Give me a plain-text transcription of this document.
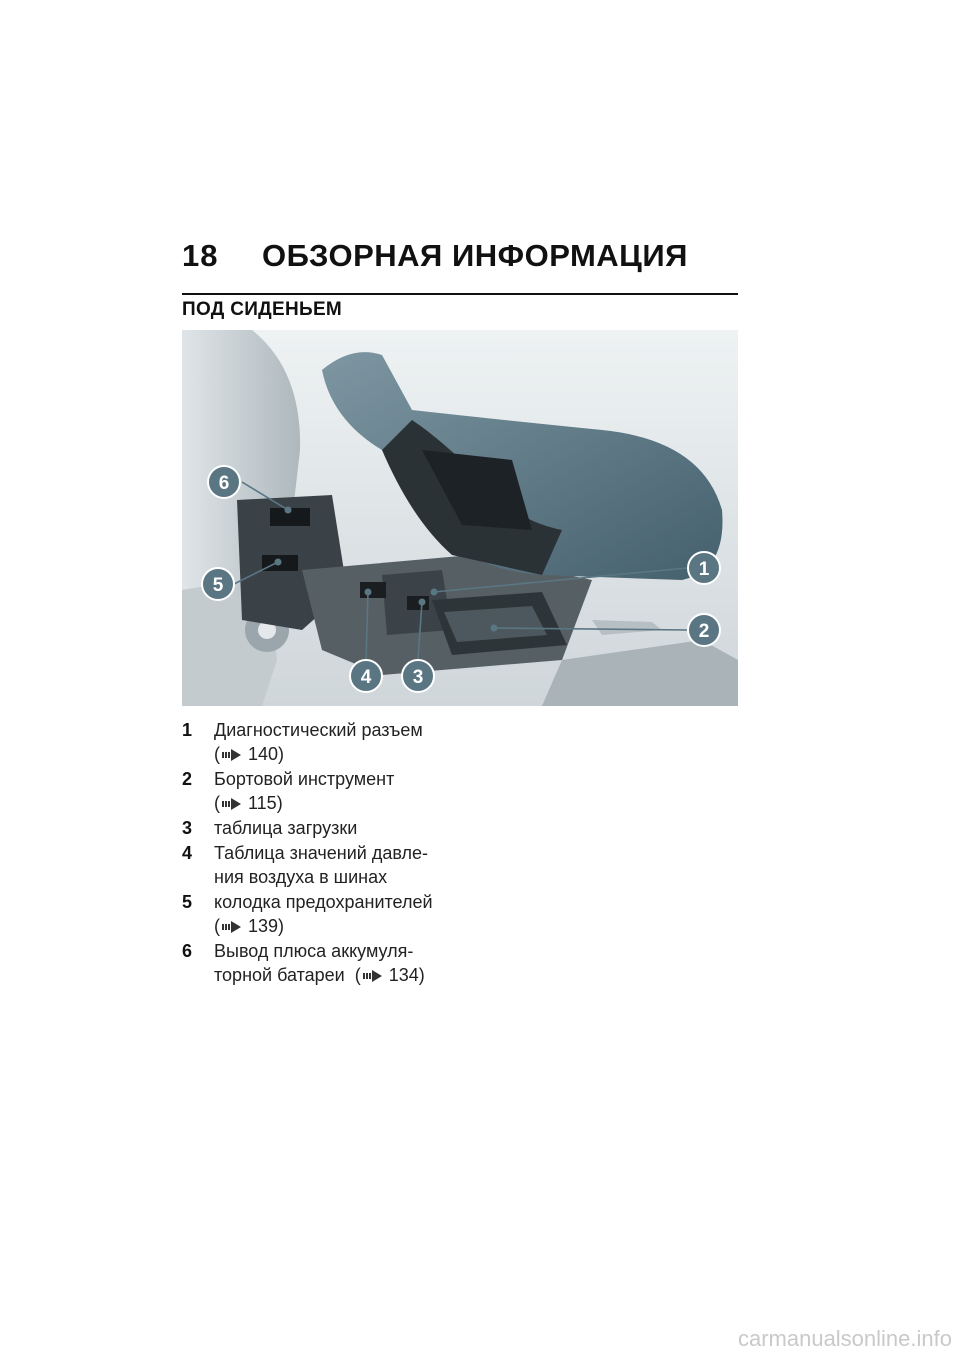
18 ОБЗОРНАЯ ИНФОРМАЦИЯ
ПОД СИДЕНЬЕМ
1
2
3
4
5
6
1 Диагностический разъем
( 140)
2 Бортовой инструмент
( 115)
3 таблица загрузки
4 Таблица значений давле-
ния воздуха в шинах
5 колодка предохранителей
( 139)
6 Вывод плюса аккумуля-
торной батареи ( 134)
carmanualsonline.info
